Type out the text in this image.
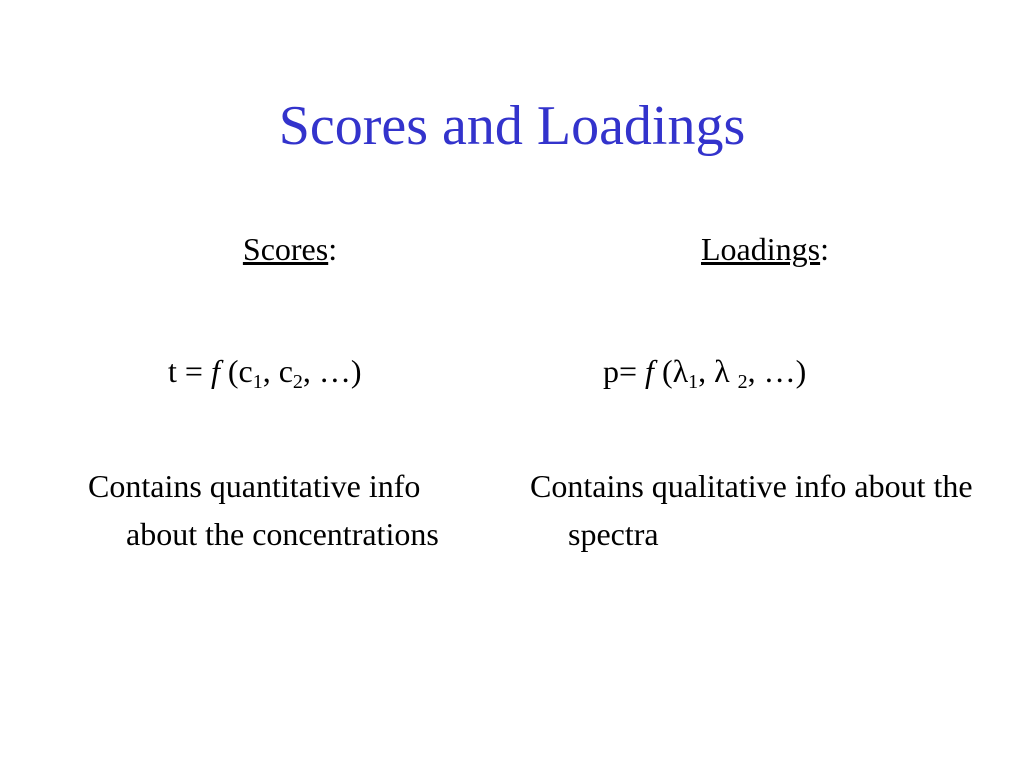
Scores and Loadings
Scores:	Loadings:
t = f ($c_1$, $c_2$, …)	p= f ($\lambda_1$, λ $_2$, …)
Contains quantitative info about the concentrations
Contains qualitative info about the spectra
